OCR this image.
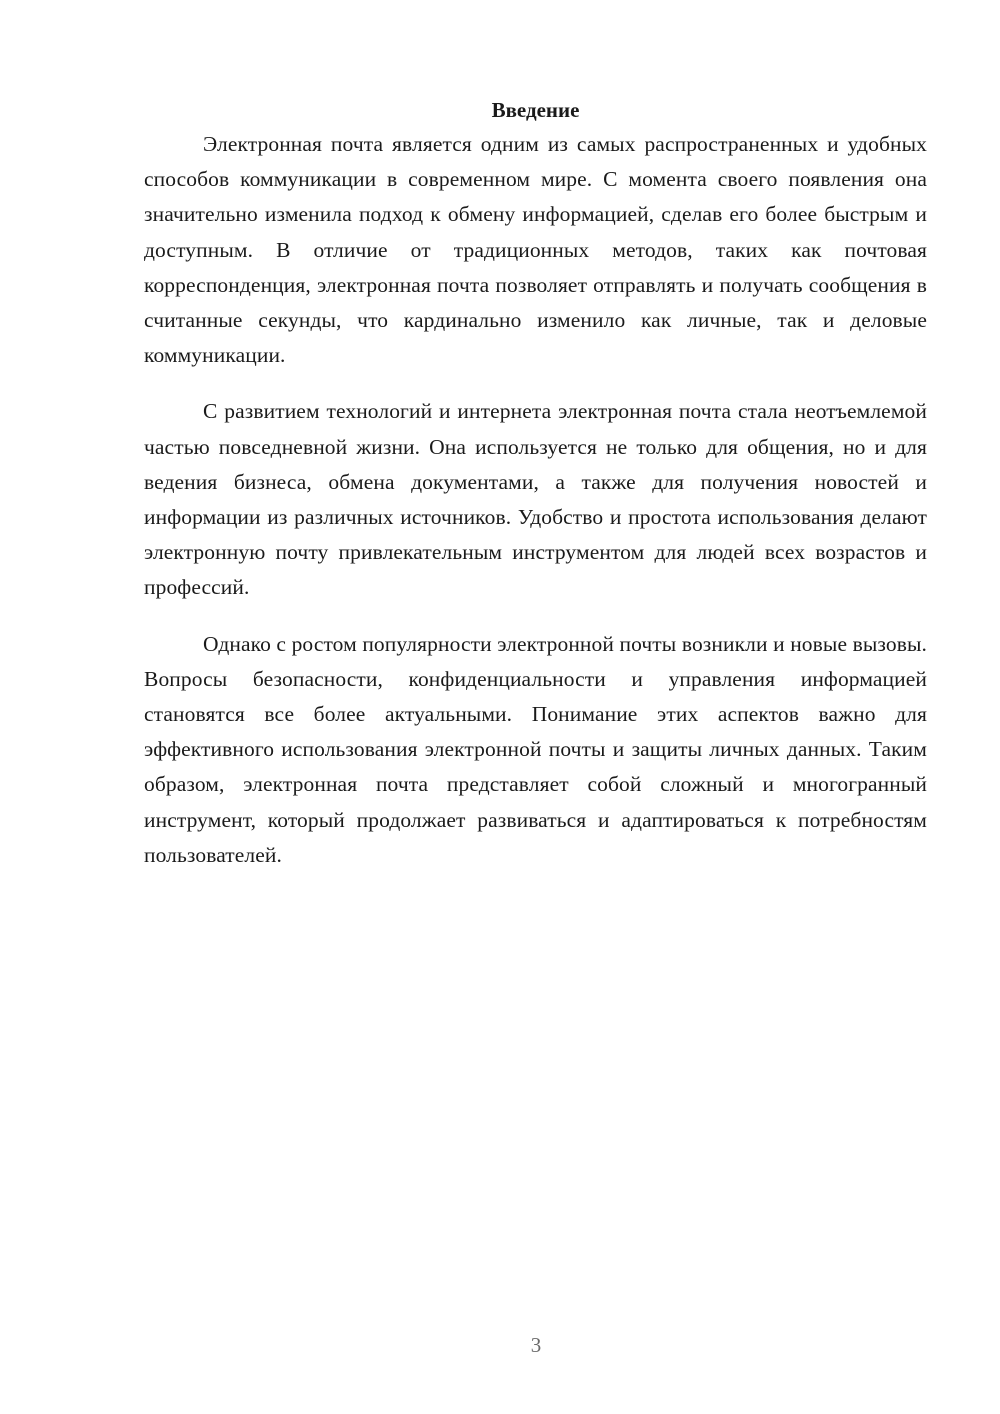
Введение

Электронная почта является одним из самых распространенных и удобных способов коммуникации в современном мире. С момента своего появления она значительно изменила подход к обмену информацией, сделав его более быстрым и доступным. В отличие от традиционных методов, таких как почтовая корреспонденция, электронная почта позволяет отправлять и получать сообщения в считанные секунды, что кардинально изменило как личные, так и деловые коммуникации.

С развитием технологий и интернета электронная почта стала неотъемлемой частью повседневной жизни. Она используется не только для общения, но и для ведения бизнеса, обмена документами, а также для получения новостей и информации из различных источников. Удобство и простота использования делают электронную почту привлекательным инструментом для людей всех возрастов и профессий.

Однако с ростом популярности электронной почты возникли и новые вызовы. Вопросы безопасности, конфиденциальности и управления информацией становятся все более актуальными. Понимание этих аспектов важно для эффективного использования электронной почты и защиты личных данных. Таким образом, электронная почта представляет собой сложный и многогранный инструмент, который продолжает развиваться и адаптироваться к потребностям пользователей.

3
